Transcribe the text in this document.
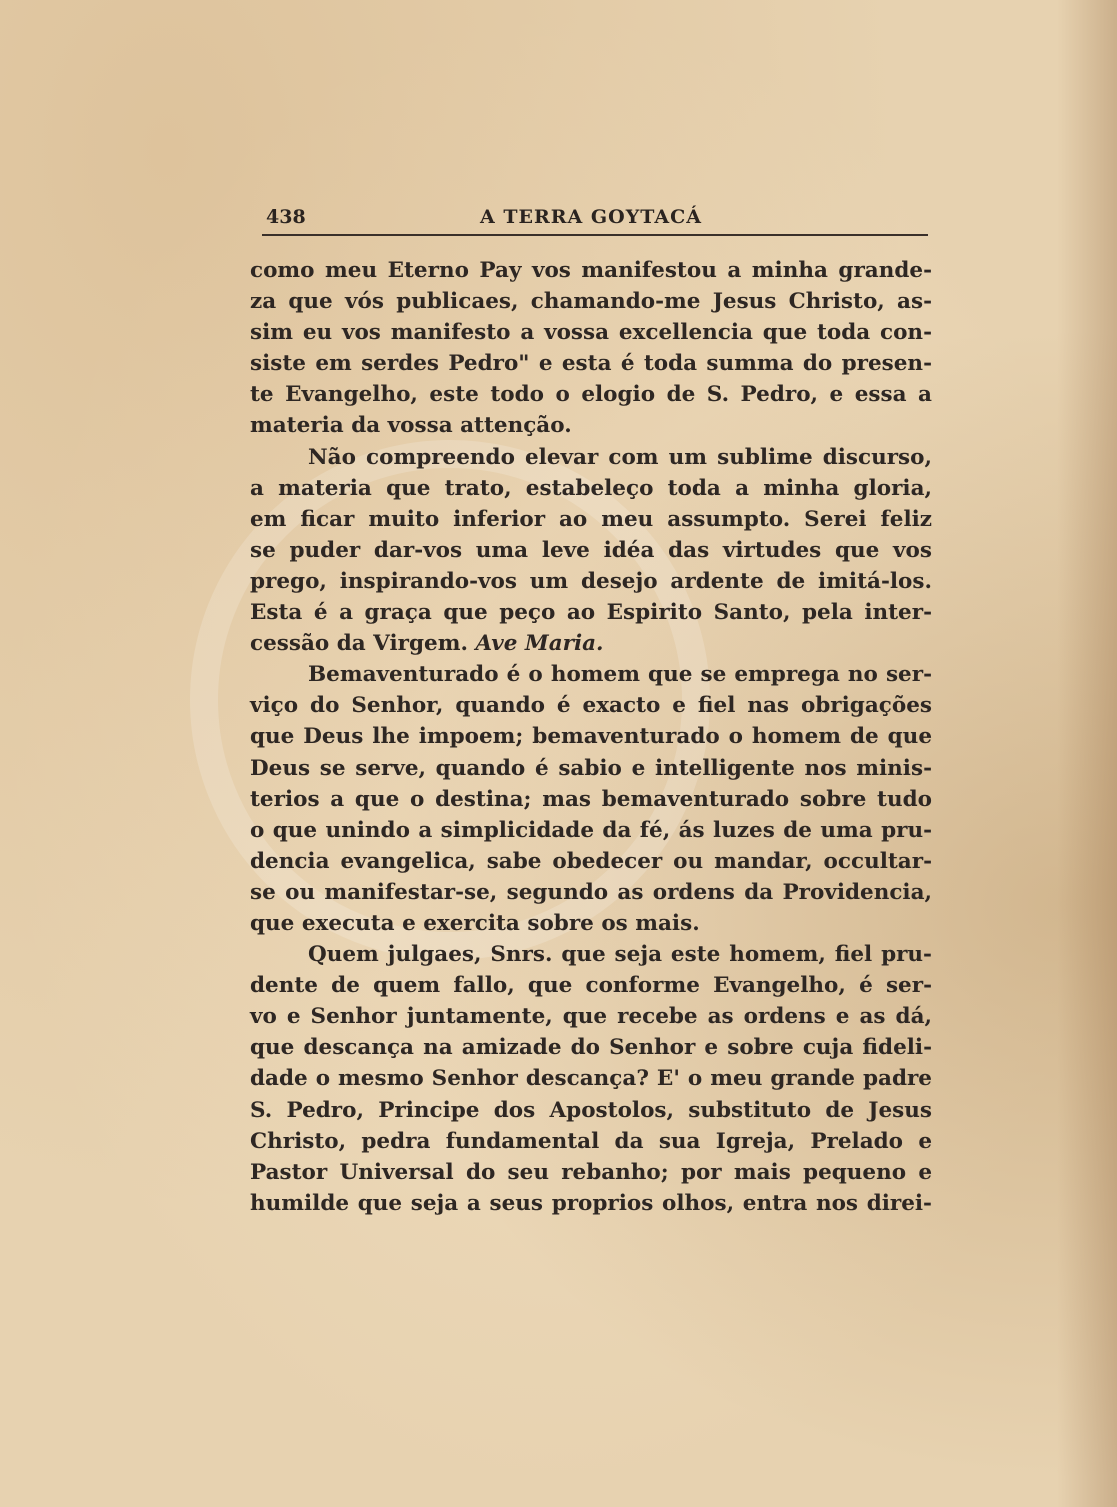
438	A TERRA GOYTACÁ
como meu Eterno Pay vos manifestou a minha grande-
za que vós publicaes, chamando-me Jesus Christo, as-
sim eu vos manifesto a vossa excellencia que toda con-
siste em serdes Pedro" e esta é toda summa do presen-
te Evangelho, este todo o elogio de S. Pedro, e essa a
materia da vossa attenção.
Não compreendo elevar com um sublime discurso,
a materia que trato, estabeleço toda a minha gloria,
em ficar muito inferior ao meu assumpto. Serei feliz
se puder dar-vos uma leve idéa das virtudes que vos
prego, inspirando-vos um desejo ardente de imitá-los.
Esta é a graça que peço ao Espirito Santo, pela inter-
cessão da Virgem. Ave Maria.
Bemaventurado é o homem que se emprega no ser-
viço do Senhor, quando é exacto e fiel nas obrigações
que Deus lhe impoem; bemaventurado o homem de que
Deus se serve, quando é sabio e intelligente nos minis-
terios a que o destina; mas bemaventurado sobre tudo
o que unindo a simplicidade da fé, ás luzes de uma pru-
dencia evangelica, sabe obedecer ou mandar, occultar-
se ou manifestar-se, segundo as ordens da Providencia,
que executa e exercita sobre os mais.
Quem julgaes, Snrs. que seja este homem, fiel pru-
dente de quem fallo, que conforme Evangelho, é ser-
vo e Senhor juntamente, que recebe as ordens e as dá,
que descança na amizade do Senhor e sobre cuja fideli-
dade o mesmo Senhor descança? E' o meu grande padre
S. Pedro, Principe dos Apostolos, substituto de Jesus
Christo, pedra fundamental da sua Igreja, Prelado e
Pastor Universal do seu rebanho; por mais pequeno e
humilde que seja a seus proprios olhos, entra nos direi-
